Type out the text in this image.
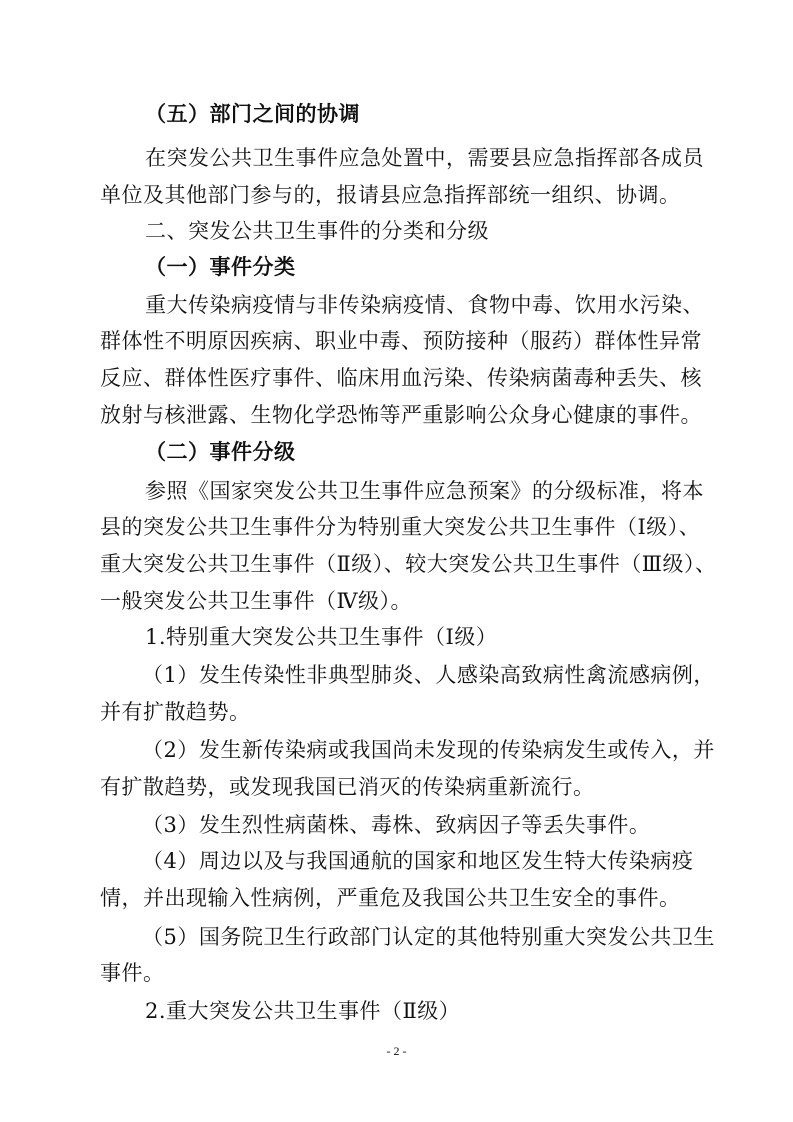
（五）部门之间的协调
在突发公共卫生事件应急处置中，需要县应急指挥部各成员
单位及其他部门参与的，报请县应急指挥部统一组织、协调。
二、突发公共卫生事件的分类和分级
（一）事件分类
重大传染病疫情与非传染病疫情、食物中毒、饮用水污染、
群体性不明原因疾病、职业中毒、预防接种（服药）群体性异常
反应、群体性医疗事件、临床用血污染、传染病菌毒种丢失、核
放射与核泄露、生物化学恐怖等严重影响公众身心健康的事件。
（二）事件分级
参照《国家突发公共卫生事件应急预案》的分级标准，将本
县的突发公共卫生事件分为特别重大突发公共卫生事件（Ⅰ级）、
重大突发公共卫生事件（Ⅱ级）、较大突发公共卫生事件（Ⅲ级）、
一般突发公共卫生事件（Ⅳ级）。
1.特别重大突发公共卫生事件（Ⅰ级）
（1）发生传染性非典型肺炎、人感染高致病性禽流感病例，
并有扩散趋势。
（2）发生新传染病或我国尚未发现的传染病发生或传入，并
有扩散趋势，或发现我国已消灭的传染病重新流行。
（3）发生烈性病菌株、毒株、致病因子等丢失事件。
（4）周边以及与我国通航的国家和地区发生特大传染病疫
情，并出现输入性病例，严重危及我国公共卫生安全的事件。
（5）国务院卫生行政部门认定的其他特别重大突发公共卫生
事件。
2.重大突发公共卫生事件（Ⅱ级）
- 2 -
